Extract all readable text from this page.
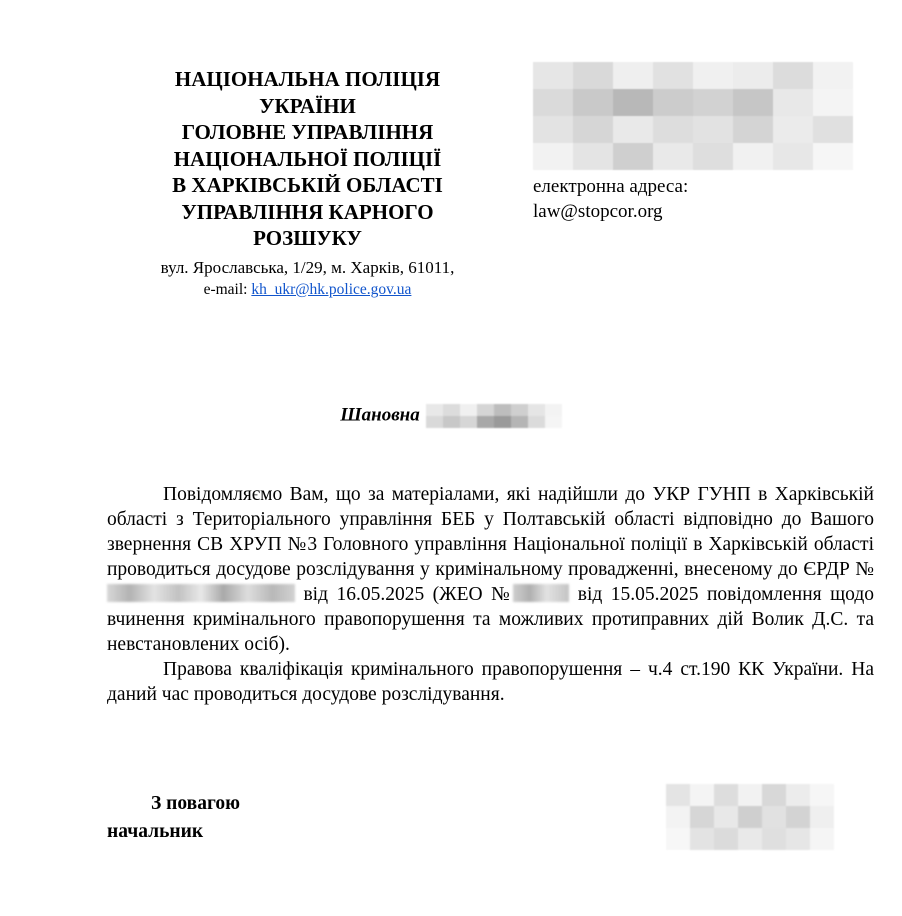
НАЦІОНАЛЬНА ПОЛІЦІЯ
УКРАЇНИ
ГОЛОВНЕ УПРАВЛІННЯ
НАЦІОНАЛЬНОЇ ПОЛІЦІЇ
В ХАРКІВСЬКІЙ ОБЛАСТІ
УПРАВЛІННЯ КАРНОГО
РОЗШУКУ
вул. Ярославська, 1/29, м. Харків, 61011,
e-mail: kh_ukr@hk.police.gov.ua
електронна адреса:
law@stopcor.org
Шановна

Повідомляємо Вам, що за матеріалами, які надійшли до УКР ГУНП в Харківській області з Територіального управління БЕБ у Полтавській області відповідно до Вашого звернення СВ ХРУП №3 Головного управління Національної поліції в Харківській області проводиться досудове розслідування у кримінальному провадженні, внесеному до ЄРДР № від 16.05.2025 (ЖЕО №	від 15.05.2025 повідомлення щодо вчинення кримінального правопорушення та можливих протиправних дій Волик Д.С. та невстановлених осіб).

Правова кваліфікація кримінального правопорушення – ч.4 ст.190 КК України. На даний час проводиться досудове розслідування.

З повагою
начальник
